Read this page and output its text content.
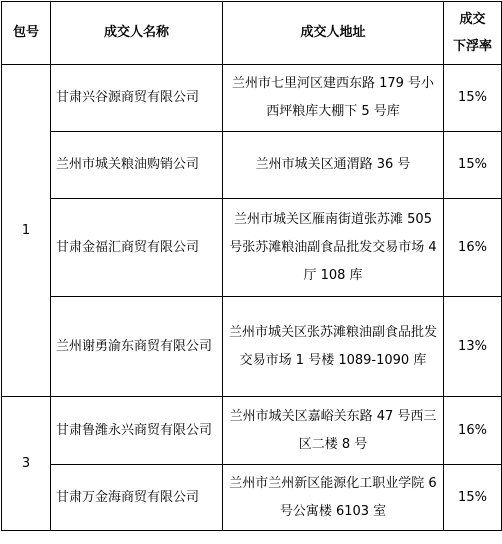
包号	成交人名称	成交人地址	成交
下浮率
1	甘肃兴谷源商贸有限公司	兰州市七里河区建西东路 179 号小西坪粮库大棚下 5 号库	15%
	兰州市城关粮油购销公司	兰州市城关区通渭路 36 号	15%
	甘肃金福汇商贸有限公司	兰州市城关区雁南街道张苏滩 505 号张苏滩粮油副食品批发交易市场 4 厅 108 库	16%
	兰州谢勇渝东商贸有限公司	兰州市城关区张苏滩粮油副食品批发交易市场 1 号楼 1089-1090 库	13%
3	甘肃鲁潍永兴商贸有限公司	兰州市城关区嘉峪关东路 47 号西三区二楼 8 号	16%
	甘肃万金海商贸有限公司	兰州市兰州新区能源化工职业学院 6 号公寓楼 6103 室	15%
